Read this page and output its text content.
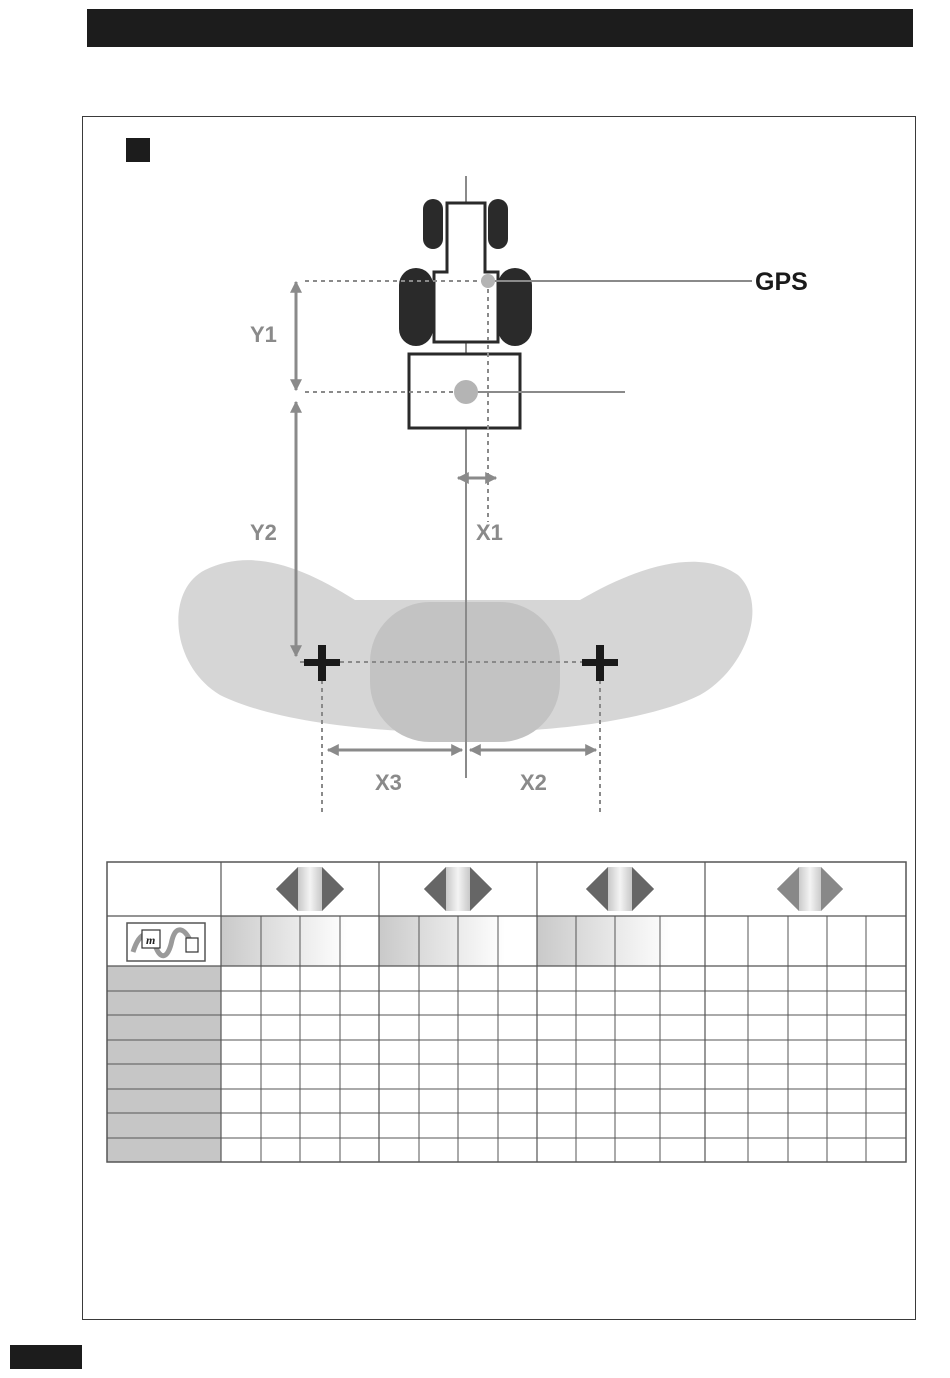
Y1
Y2	X1
X3	X2
GPS
m
